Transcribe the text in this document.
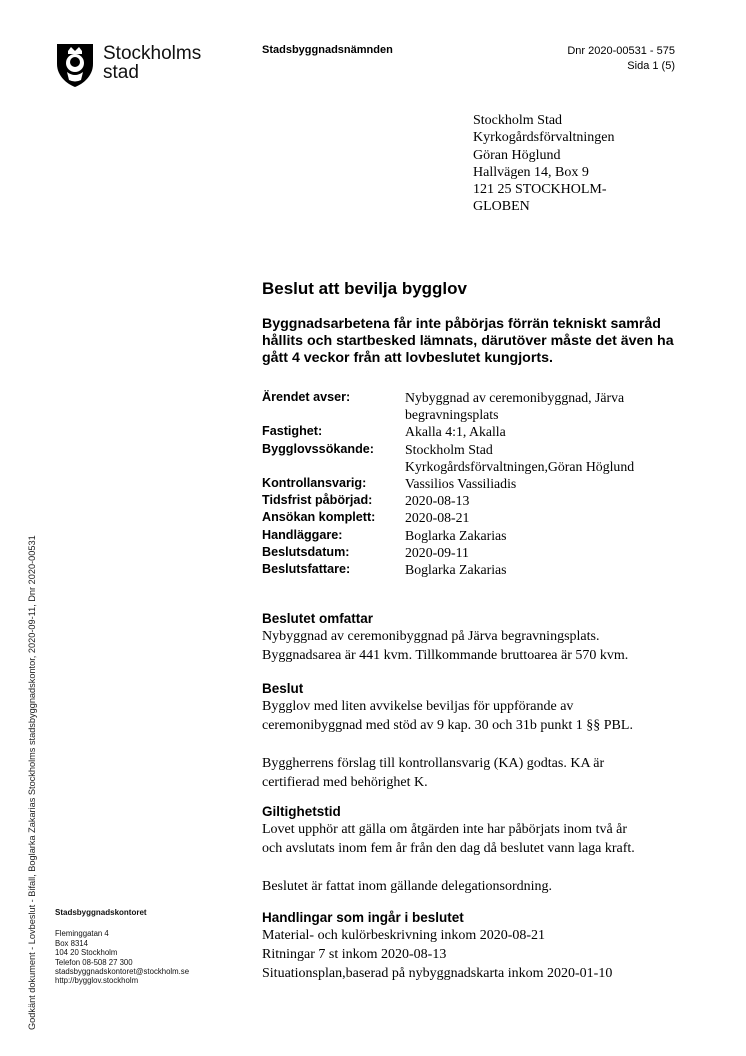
Stockholms
stad
Stadsbyggnadsnämnden	Dnr 2020-00531 - 575
Sida 1 (5)
Stockholm Stad
Kyrkogårdsförvaltningen
Göran Höglund
Hallvägen 14, Box 9
121 25 STOCKHOLM-
GLOBEN
Beslut att bevilja bygglov
Byggnadsarbetena får inte påbörjas förrän tekniskt samråd hållits och startbesked lämnats, därutöver måste det även ha gått 4 veckor från att lovbeslutet kungjorts.
Ärendet avser:	Nybyggnad av ceremonibyggnad, Järva
begravningsplats
Fastighet:	Akalla 4:1, Akalla
Bygglovssökande:	Stockholm Stad
Kyrkogårdsförvaltningen,Göran Höglund
Kontrollansvarig:	Vassilios Vassiliadis
Tidsfrist påbörjad:	2020-08-13
Ansökan komplett:	2020-08-21
Handläggare:	Boglarka Zakarias
Beslutsdatum:	2020-09-11
Beslutsfattare:	Boglarka Zakarias
Beslutet omfattar
Nybyggnad av ceremonibyggnad på Järva begravningsplats.
Byggnadsarea är 441 kvm. Tillkommande bruttoarea är 570 kvm.
Beslut
Bygglov med liten avvikelse beviljas för uppförande av
ceremonibyggnad med stöd av 9 kap. 30 och 31b punkt 1 §§ PBL.
Byggherrens förslag till kontrollansvarig (KA) godtas. KA är
certifierad med behörighet K.
Giltighetstid
Lovet upphör att gälla om åtgärden inte har påbörjats inom två år
och avslutats inom fem år från den dag då beslutet vann laga kraft.
Beslutet är fattat inom gällande delegationsordning.
Handlingar som ingår i beslutet
Material- och kulörbeskrivning inkom 2020-08-21
Ritningar 7 st inkom 2020-08-13
Situationsplan,baserad på nybyggnadskarta inkom 2020-01-10
Stadsbyggnadskontoret
Fleminggatan 4
Box 8314
104 20 Stockholm
Telefon 08-508 27 300
stadsbyggnadskontoret@stockholm.se
http://bygglov.stockholm
Godkänt dokument - Lovbeslut - Bifall, Boglarka Zakarias Stockholms stadsbyggnadskontor, 2020-09-11, Dnr 2020-00531
